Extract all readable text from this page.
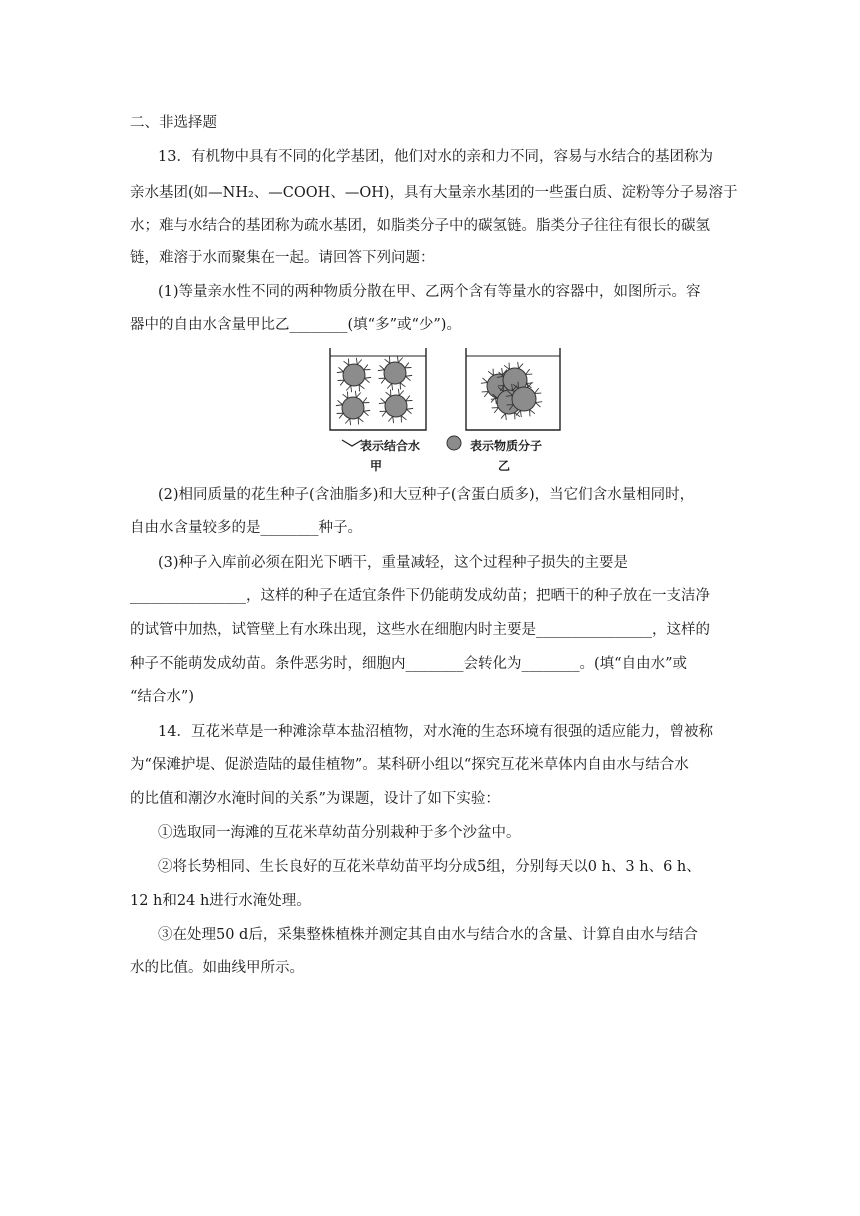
二、非选择题
13．有机物中具有不同的化学基团，他们对水的亲和力不同，容易与水结合的基团称为
亲水基团(如—NH₂、—COOH、—OH)，具有大量亲水基团的一些蛋白质、淀粉等分子易溶于
水；难与水结合的基团称为疏水基团，如脂类分子中的碳氢链。脂类分子往往有很长的碳氢
链，难溶于水而聚集在一起。请回答下列问题：
(1)等量亲水性不同的两种物质分散在甲、乙两个含有等量水的容器中，如图所示。容
器中的自由水含量甲比乙________(填“多”或“少”)。
表示结合水	表示物质分子
甲	乙
(2)相同质量的花生种子(含油脂多)和大豆种子(含蛋白质多)，当它们含水量相同时，
自由水含量较多的是________种子。
(3)种子入库前必须在阳光下晒干，重量减轻，这个过程种子损失的主要是
________________，这样的种子在适宜条件下仍能萌发成幼苗；把晒干的种子放在一支洁净
的试管中加热，试管壁上有水珠出现，这些水在细胞内时主要是________________，这样的
种子不能萌发成幼苗。条件恶劣时，细胞内________会转化为________。(填“自由水”或
“结合水”)
14．互花米草是一种滩涂草本盐沼植物，对水淹的生态环境有很强的适应能力，曾被称
为“保滩护堤、促淤造陆的最佳植物”。某科研小组以“探究互花米草体内自由水与结合水
的比值和潮汐水淹时间的关系”为课题，设计了如下实验：
①选取同一海滩的互花米草幼苗分别栽种于多个沙盆中。
②将长势相同、生长良好的互花米草幼苗平均分成5组，分别每天以0 h、3 h、6 h、
12 h和24 h进行水淹处理。
③在处理50 d后，采集整株植株并测定其自由水与结合水的含量、计算自由水与结合
水的比值。如曲线甲所示。
